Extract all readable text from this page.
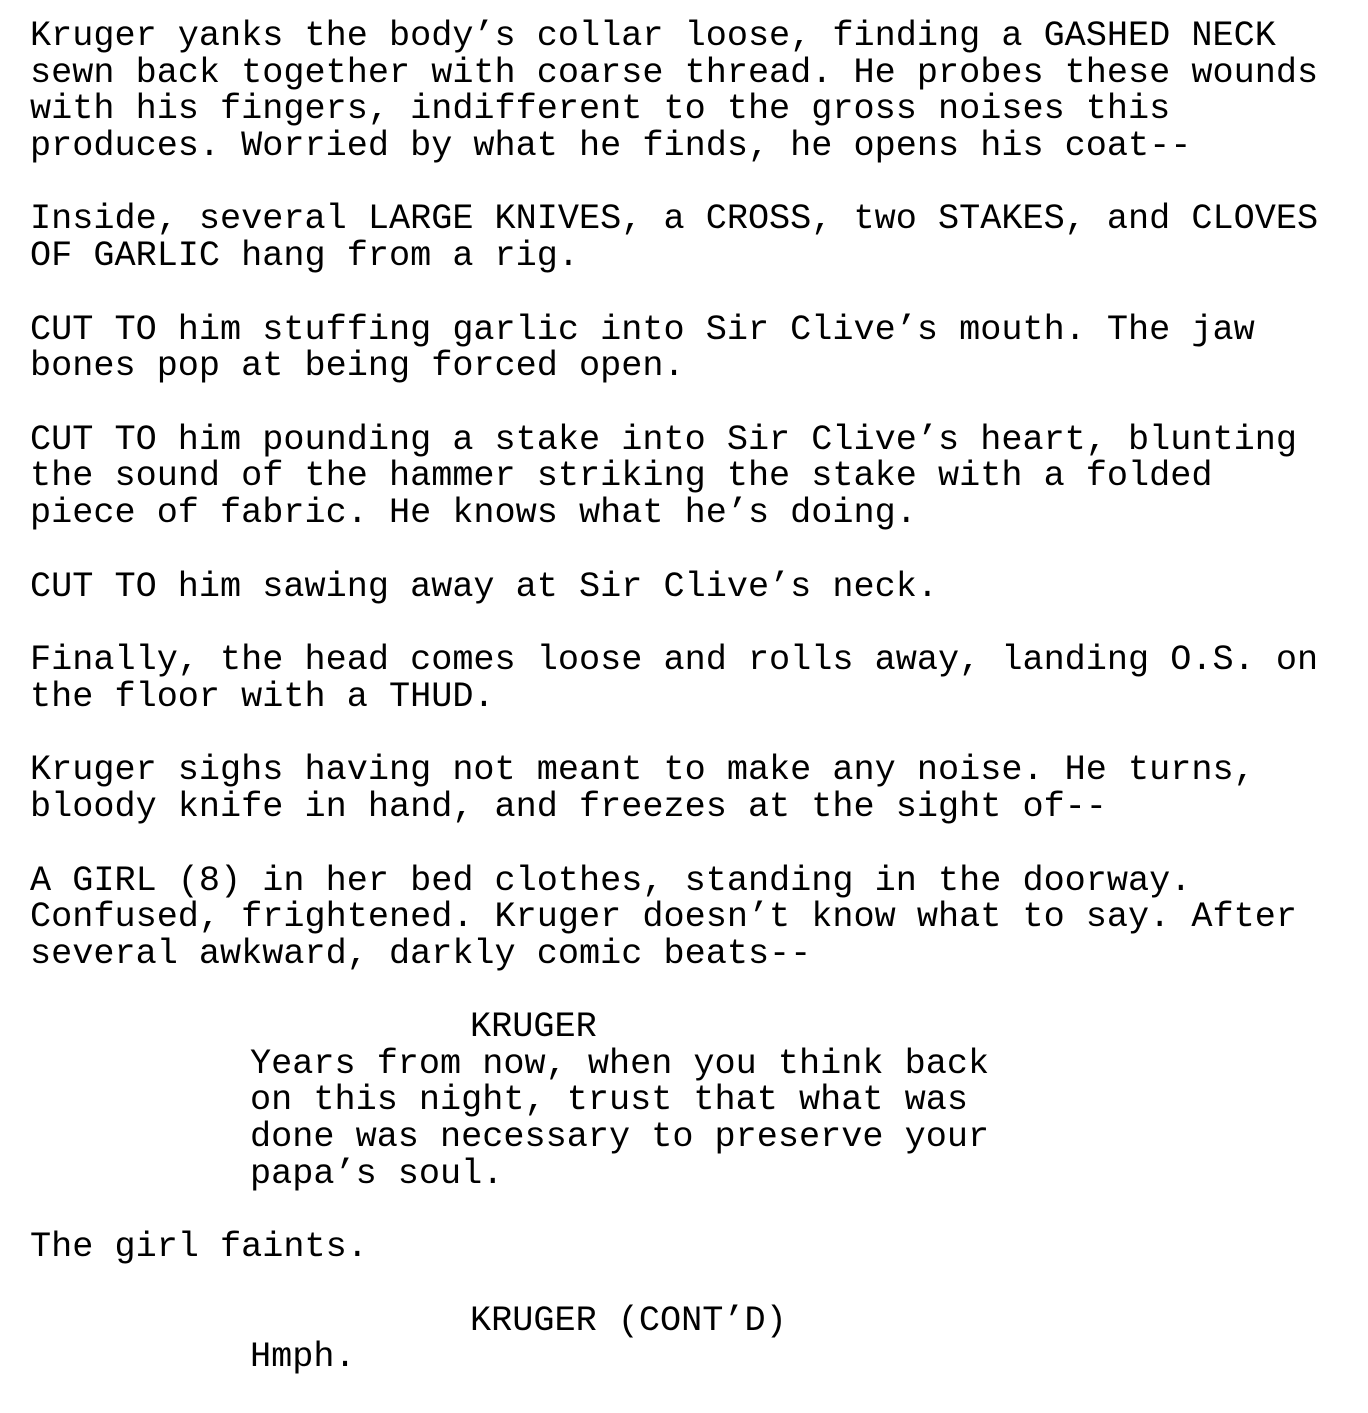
Kruger yanks the body’s collar loose, finding a GASHED NECK
sewn back together with coarse thread. He probes these wounds
with his fingers, indifferent to the gross noises this
produces. Worried by what he finds, he opens his coat--
Inside, several LARGE KNIVES, a CROSS, two STAKES, and CLOVES
OF GARLIC hang from a rig.
CUT TO him stuffing garlic into Sir Clive’s mouth. The jaw
bones pop at being forced open.
CUT TO him pounding a stake into Sir Clive’s heart, blunting
the sound of the hammer striking the stake with a folded
piece of fabric. He knows what he’s doing.
CUT TO him sawing away at Sir Clive’s neck.
Finally, the head comes loose and rolls away, landing O.S. on
the floor with a THUD.
Kruger sighs having not meant to make any noise. He turns,
bloody knife in hand, and freezes at the sight of--
A GIRL (8) in her bed clothes, standing in the doorway.
Confused, frightened. Kruger doesn’t know what to say. After
several awkward, darkly comic beats--
KRUGER
Years from now, when you think back
on this night, trust that what was
done was necessary to preserve your
papa’s soul.
The girl faints.
KRUGER (CONT’D)
Hmph.
